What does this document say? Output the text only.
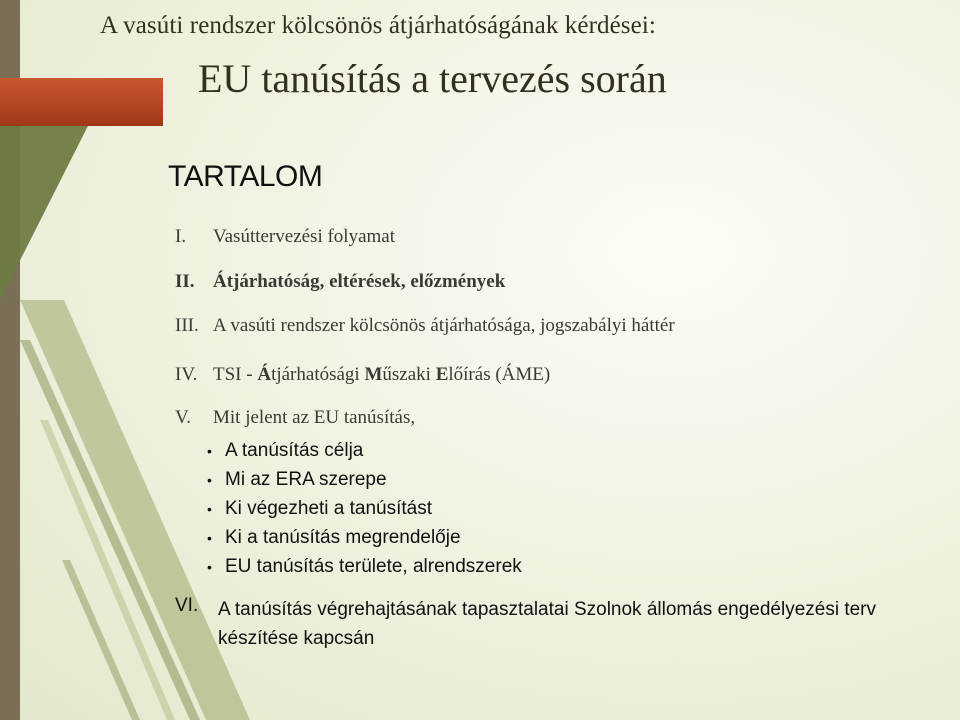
A vasúti rendszer kölcsönös átjárhatóságának kérdései:
EU tanúsítás a tervezés során
TARTALOM
I. Vasúttervezési folyamat
II. Átjárhatóság, eltérések, előzmények
III. A vasúti rendszer kölcsönös átjárhatósága, jogszabályi háttér
IV. TSI - Átjárhatósági Műszaki Előírás (ÁME)
V. Mit jelent az EU tanúsítás,
• A tanúsítás célja
• Mi az ERA szerepe
• Ki végezheti a tanúsítást
• Ki a tanúsítás megrendelője
• EU tanúsítás területe, alrendszerek
VI. A tanúsítás végrehajtásának tapasztalatai Szolnok állomás engedélyezési terv készítése kapcsán
